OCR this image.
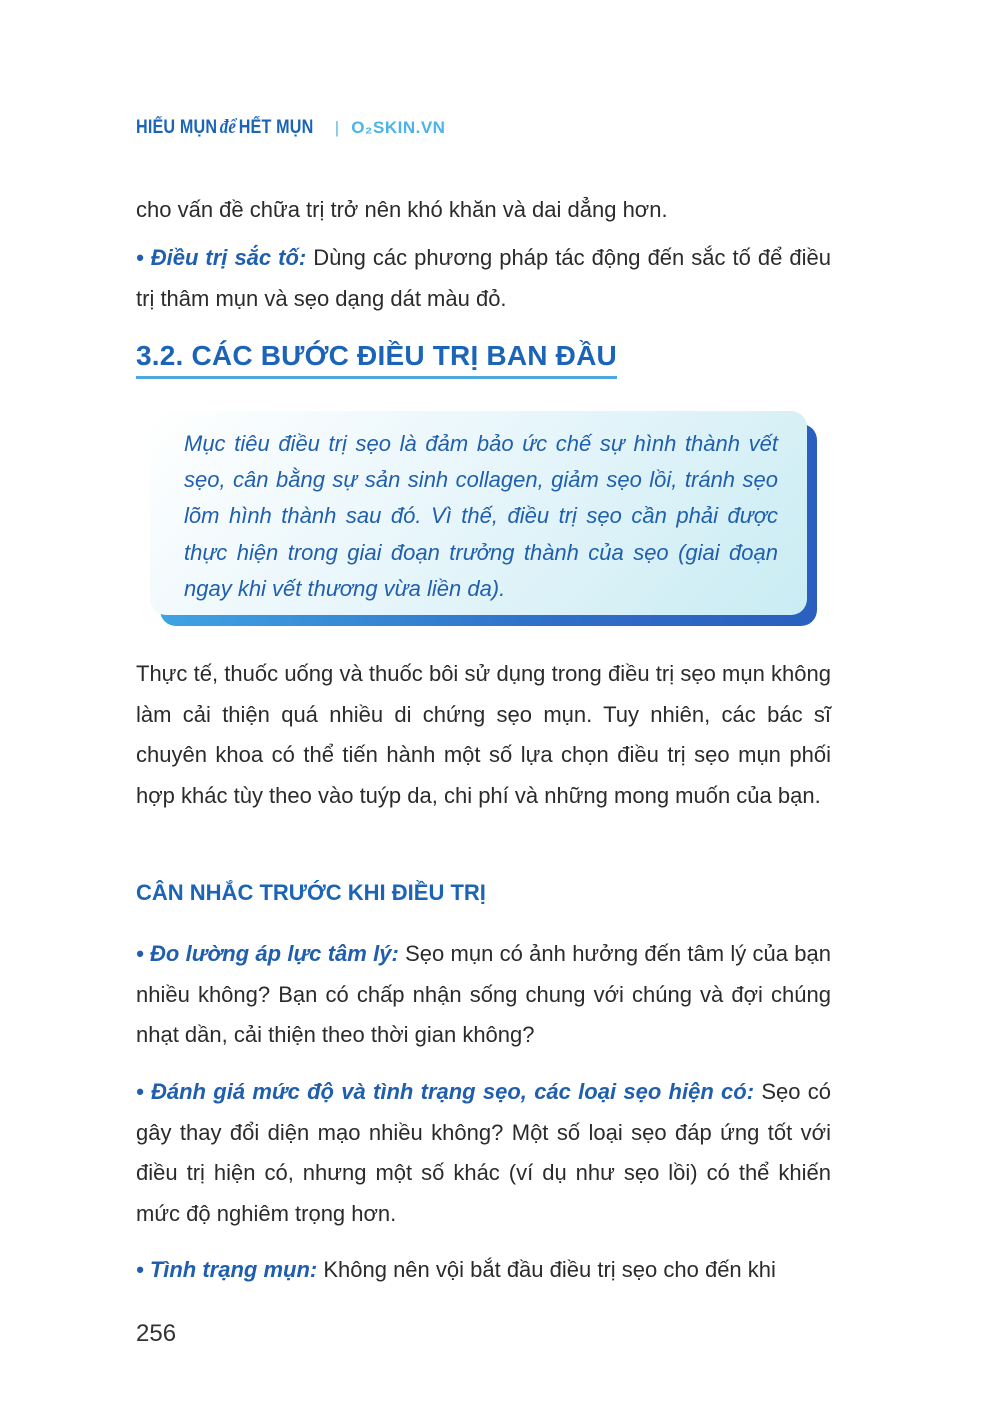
HIỂU MỤN để HẾT MỤN | O₂SKIN.VN

cho vấn đề chữa trị trở nên khó khăn và dai dẳng hơn.

• Điều trị sắc tố: Dùng các phương pháp tác động đến sắc tố để điều trị thâm mụn và sẹo dạng dát màu đỏ.

3.2. CÁC BƯỚC ĐIỀU TRỊ BAN ĐẦU

Mục tiêu điều trị sẹo là đảm bảo ức chế sự hình thành vết sẹo, cân bằng sự sản sinh collagen, giảm sẹo lồi, tránh sẹo lõm hình thành sau đó. Vì thế, điều trị sẹo cần phải được thực hiện trong giai đoạn trưởng thành của sẹo (giai đoạn ngay khi vết thương vừa liền da).

Thực tế, thuốc uống và thuốc bôi sử dụng trong điều trị sẹo mụn không làm cải thiện quá nhiều di chứng sẹo mụn. Tuy nhiên, các bác sĩ chuyên khoa có thể tiến hành một số lựa chọn điều trị sẹo mụn phối hợp khác tùy theo vào tuýp da, chi phí và những mong muốn của bạn.

CÂN NHẮC TRƯỚC KHI ĐIỀU TRỊ

• Đo lường áp lực tâm lý: Sẹo mụn có ảnh hưởng đến tâm lý của bạn nhiều không? Bạn có chấp nhận sống chung với chúng và đợi chúng nhạt dần, cải thiện theo thời gian không?

• Đánh giá mức độ và tình trạng sẹo, các loại sẹo hiện có: Sẹo có gây thay đổi diện mạo nhiều không? Một số loại sẹo đáp ứng tốt với điều trị hiện có, nhưng một số khác (ví dụ như sẹo lồi) có thể khiến mức độ nghiêm trọng hơn.

• Tình trạng mụn: Không nên vội bắt đầu điều trị sẹo cho đến khi

256
